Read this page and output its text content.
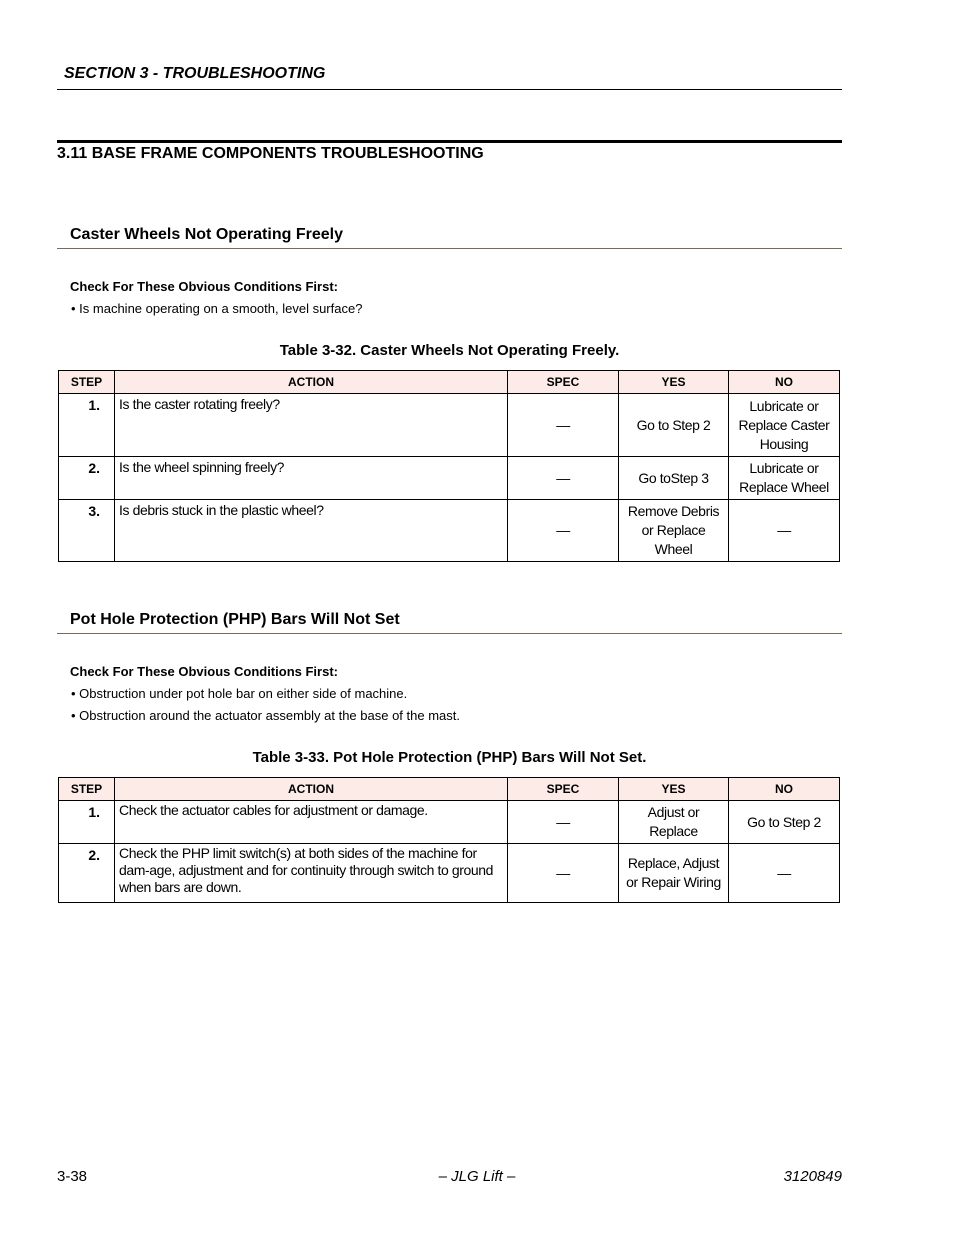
SECTION 3 - TROUBLESHOOTING
3.11 BASE FRAME COMPONENTS TROUBLESHOOTING
Caster Wheels Not Operating Freely
Check For These Obvious Conditions First:
• Is machine operating on a smooth, level surface?
Table 3-32. Caster Wheels Not Operating Freely.
STEP	ACTION	SPEC	YES	NO
1.	Is the caster rotating freely?	—	Go to Step 2	Lubricate or Replace Caster Housing
2.	Is the wheel spinning freely?	—	Go toStep 3	Lubricate or Replace Wheel
3.	Is debris stuck in the plastic wheel?	—	Remove Debris or Replace Wheel	—
Pot Hole Protection (PHP) Bars Will Not Set
Check For These Obvious Conditions First:
• Obstruction under pot hole bar on either side of machine.
• Obstruction around the actuator assembly at the base of the mast.
Table 3-33. Pot Hole Protection (PHP) Bars Will Not Set.
STEP	ACTION	SPEC	YES	NO
1.	Check the actuator cables for adjustment or damage.	—	Adjust or Replace	Go to Step 2
2.	Check the PHP limit switch(s) at both sides of the machine for dam-age, adjustment and for continuity through switch to ground when bars are down.	—	Replace, Adjust or Repair Wiring	—
3-38	– JLG Lift –	3120849
